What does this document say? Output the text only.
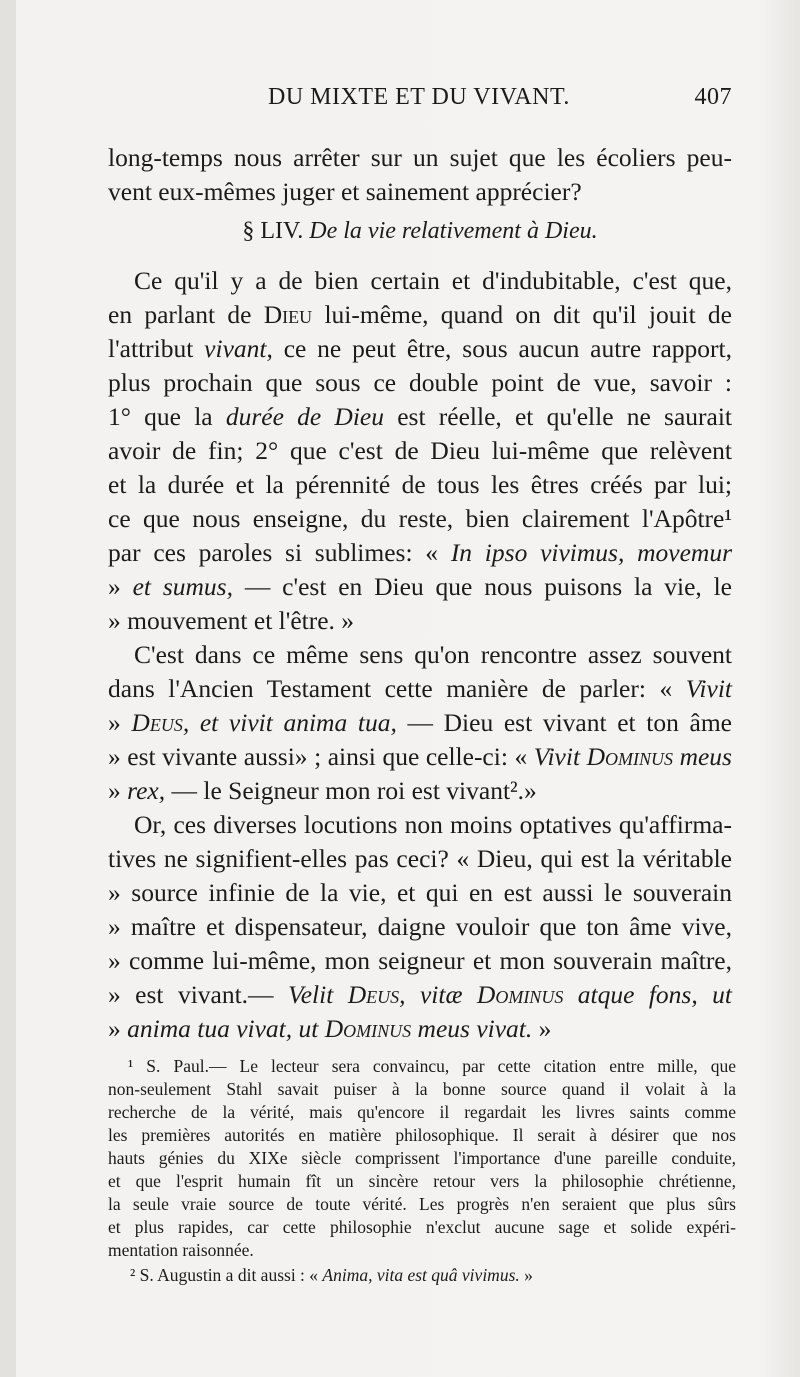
DU MIXTE ET DU VIVANT.	407
long-temps nous arrêter sur un sujet que les écoliers peu-
vent eux-mêmes juger et sainement apprécier?
§ LIV. De la vie relativement à Dieu.
Ce qu'il y a de bien certain et d'indubitable, c'est que,
en parlant de Dieu lui-même, quand on dit qu'il jouit de
l'attribut vivant, ce ne peut être, sous aucun autre rapport,
plus prochain que sous ce double point de vue, savoir :
1° que la durée de Dieu est réelle, et qu'elle ne saurait
avoir de fin; 2° que c'est de Dieu lui-même que relèvent
et la durée et la pérennité de tous les êtres créés par lui;
ce que nous enseigne, du reste, bien clairement l'Apôtre¹
par ces paroles si sublimes: « In ipso vivimus, movemur
» et sumus, — c'est en Dieu que nous puisons la vie, le
» mouvement et l'être. »
C'est dans ce même sens qu'on rencontre assez souvent
dans l'Ancien Testament cette manière de parler: « Vivit
» Deus, et vivit anima tua, — Dieu est vivant et ton âme
» est vivante aussi» ; ainsi que celle-ci: « Vivit Dominus meus
» rex, — le Seigneur mon roi est vivant².»
Or, ces diverses locutions non moins optatives qu'affirma-
tives ne signifient-elles pas ceci? « Dieu, qui est la véritable
» source infinie de la vie, et qui en est aussi le souverain
» maître et dispensateur, daigne vouloir que ton âme vive,
» comme lui-même, mon seigneur et mon souverain maître,
» est vivant.— Velit Deus, vitæ Dominus atque fons, ut
» anima tua vivat, ut Dominus meus vivat. »
¹ S. Paul.— Le lecteur sera convaincu, par cette citation entre mille, que
non-seulement Stahl savait puiser à la bonne source quand il volait à la
recherche de la vérité, mais qu'encore il regardait les livres saints comme
les premières autorités en matière philosophique. Il serait à désirer que nos
hauts génies du XIXe siècle comprissent l'importance d'une pareille conduite,
et que l'esprit humain fît un sincère retour vers la philosophie chrétienne,
la seule vraie source de toute vérité. Les progrès n'en seraient que plus sûrs
et plus rapides, car cette philosophie n'exclut aucune sage et solide expéri-
mentation raisonnée.
² S. Augustin a dit aussi : « Anima, vita est quâ vivimus. »
